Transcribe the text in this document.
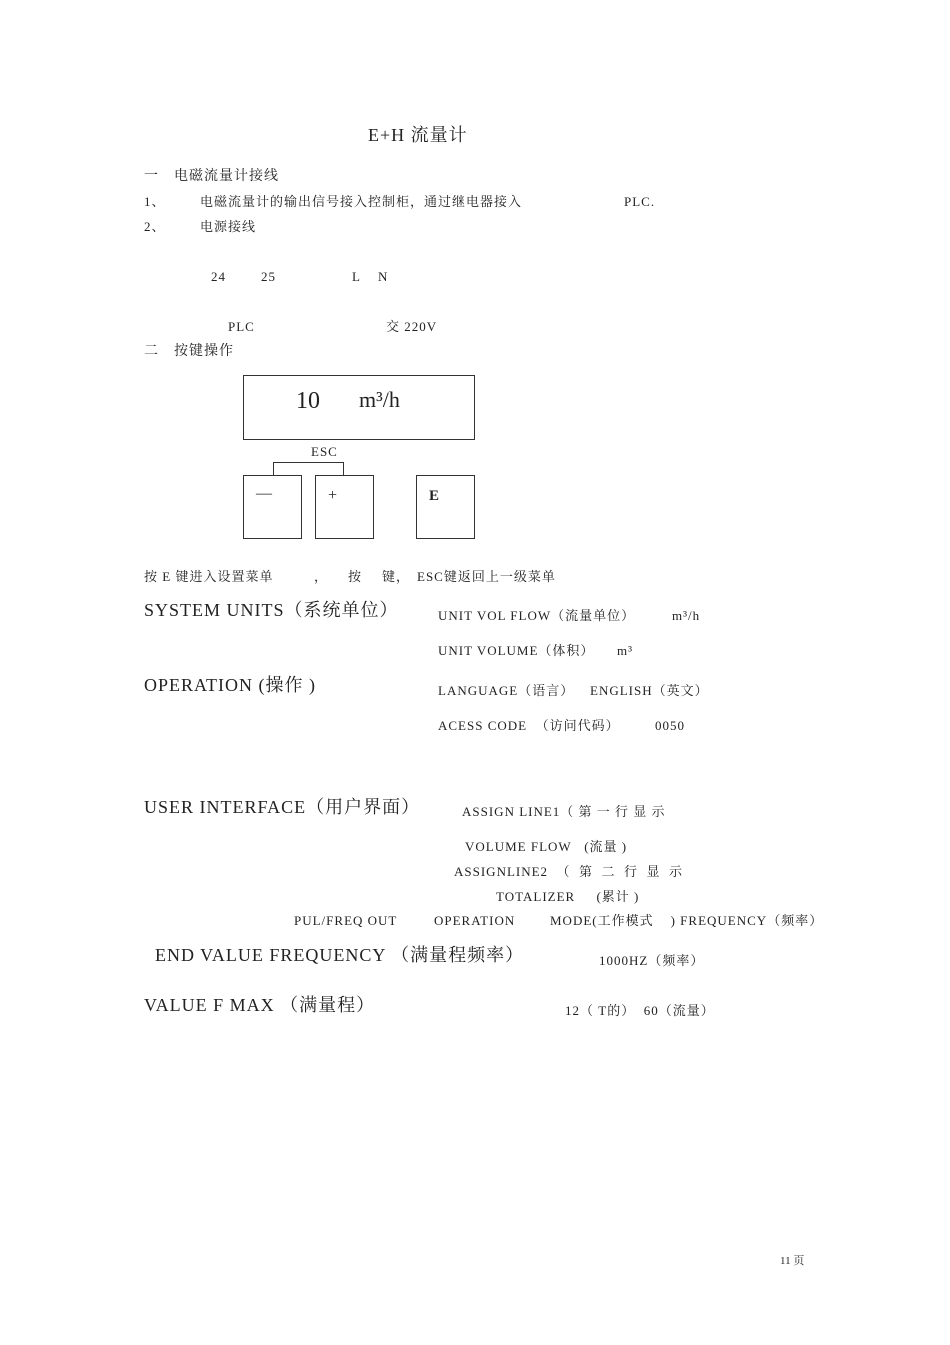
E+H 流量计
一　电磁流量计接线
1、	电磁流量计的输出信号接入控制柜，通过继电器接入	PLC.
2、	电源接线
24	25	L N
PLC	交 220V
二　按键操作
10 m³/h
ESC
—	+	E
按 E 键进入设置菜单	， 按 键， ESC键返回上一级菜单
SYSTEM UNITS（系统单位）	UNIT VOL FLOW（流量单位）	m³/h
UNIT VOLUME（体积） m³
OPERATION (操作 )	LANGUAGE（语言） ENGLISH（英文）
ACESS CODE  （访问代码）	0050
USER INTERFACE（用户界面）	ASSIGN LINE1（ 第 一 行 显 示
VOLUME FLOW   (流量 )
ASSIGNLINE2  （  第  二  行  显  示
TOTALIZER     (累计 )
PUL/FREQ OUT	OPERATION	MODE(工作模式    ) FREQUENCY（频率）
END VALUE FREQUENCY （满量程频率）	1000HZ（频率）
VALUE F MAX （满量程）	12（ T的）  60（流量）
11 页
